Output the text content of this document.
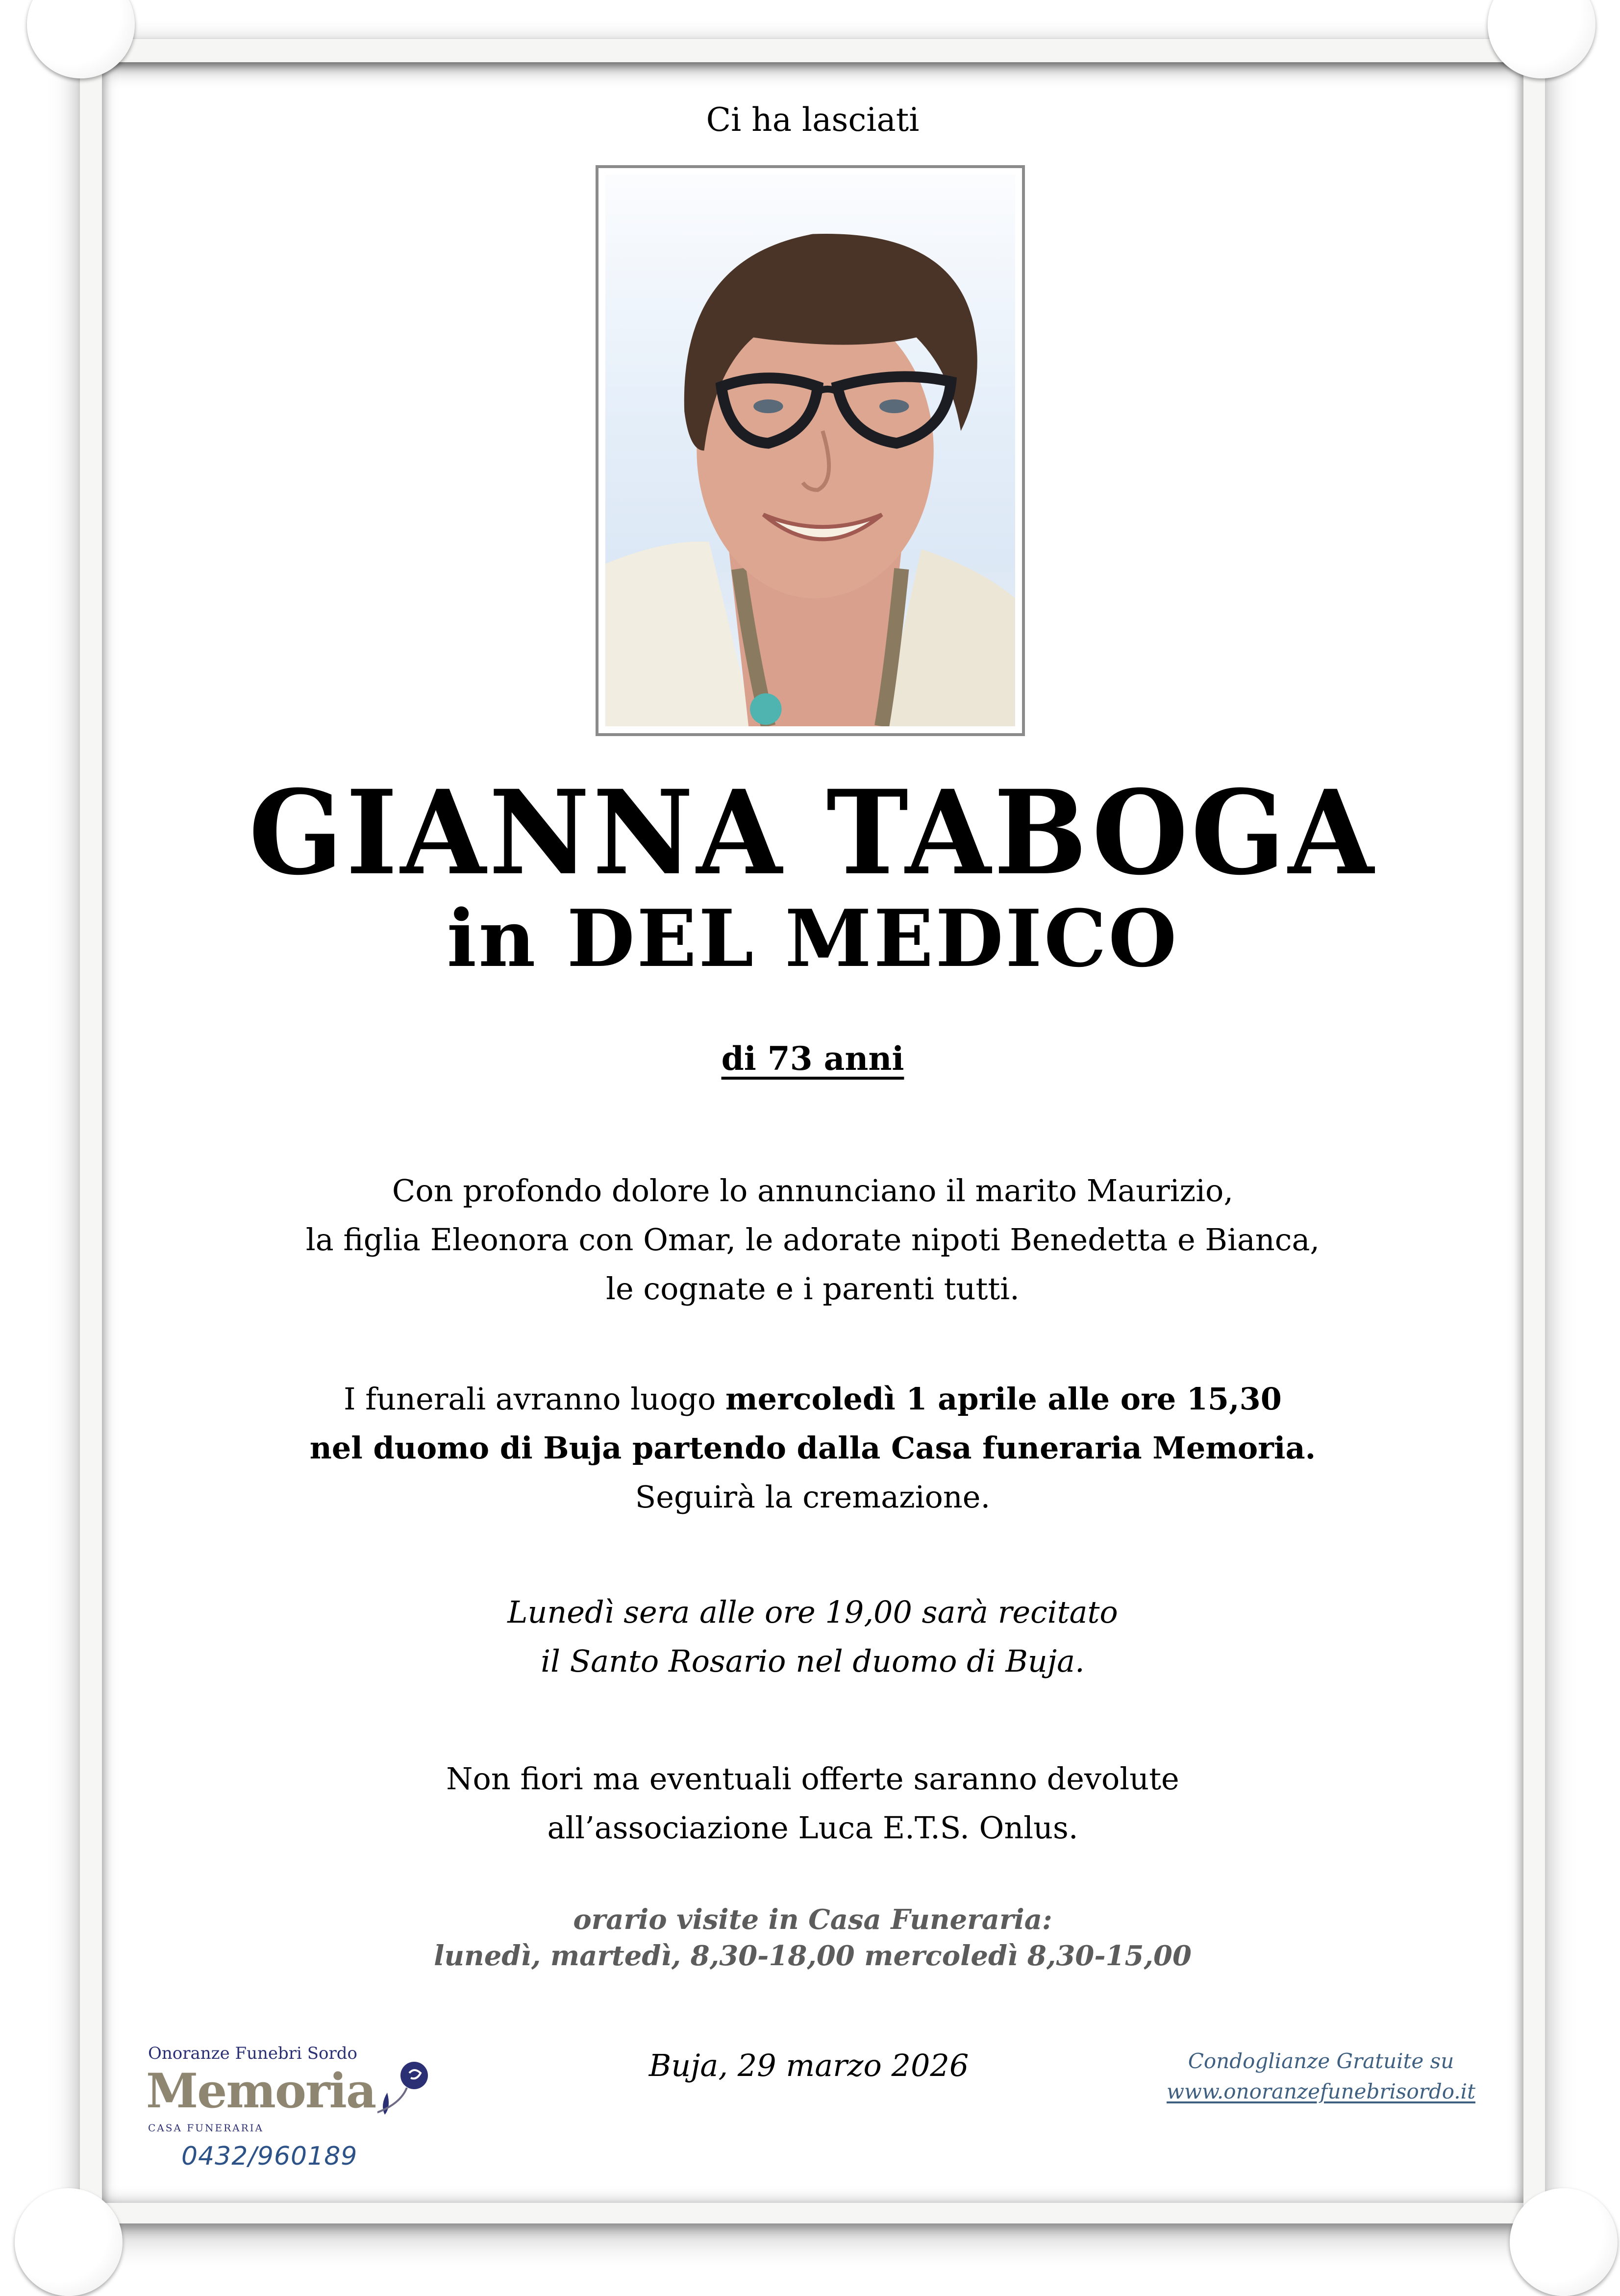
Ci ha lasciati
GIANNA TABOGA
in DEL MEDICO
di 73 anni
Con profondo dolore lo annunciano il marito Maurizio,
la figlia Eleonora con Omar, le adorate nipoti Benedetta e Bianca,
le cognate e i parenti tutti.
I funerali avranno luogo mercoledì 1 aprile alle ore 15,30
nel duomo di Buja partendo dalla Casa funeraria Memoria.
Seguirà la cremazione.
Lunedì sera alle ore 19,00 sarà recitato
il Santo Rosario nel duomo di Buja.
Non fiori ma eventuali offerte saranno devolute
all’associazione Luca E.T.S. Onlus.
orario visite in Casa Funeraria:
lunedì, martedì, 8,30-18,00 mercoledì 8,30-15,00
Buja, 29 marzo 2026
Onoranze Funebri Sordo
Memoria
CASA FUNERARIA
0432/960189
Condoglianze Gratuite su
www.onoranzefunebrisordo.it
